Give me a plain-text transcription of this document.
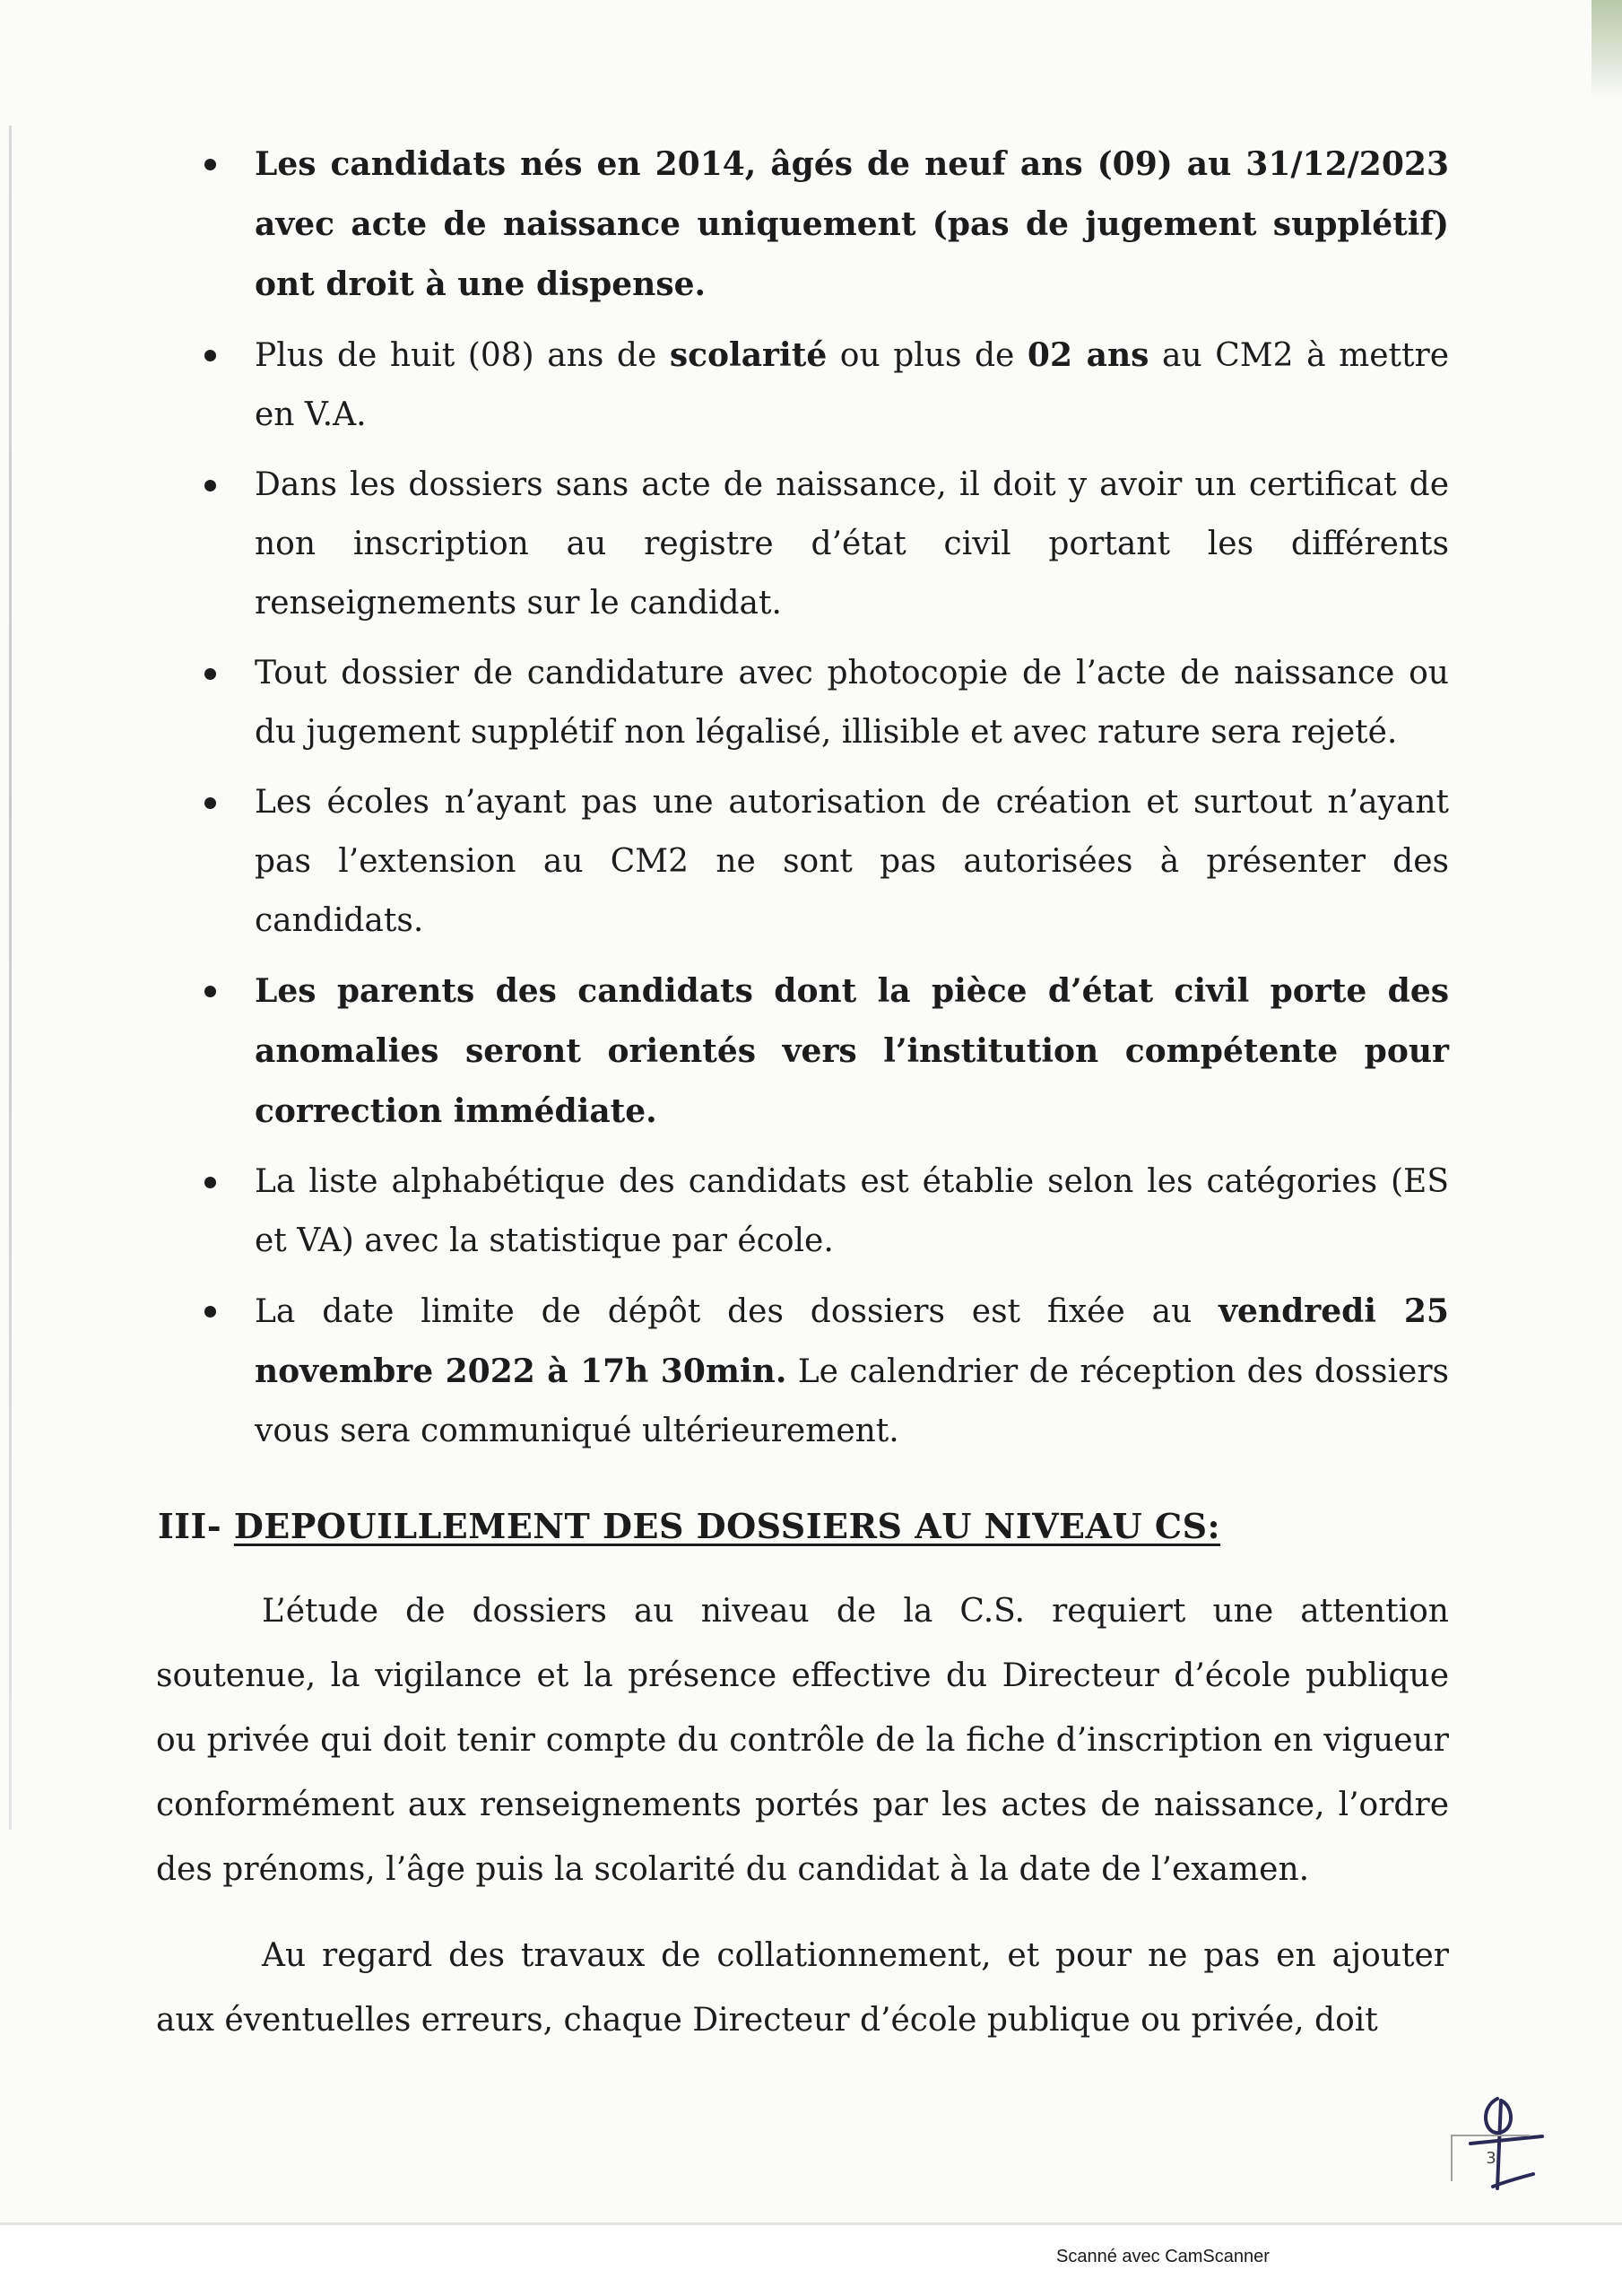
Les candidats nés en 2014, âgés de neuf ans (09) au 31/12/2023 avec acte de naissance uniquement (pas de jugement supplétif) ont droit à une dispense.
Plus de huit (08) ans de scolarité ou plus de 02 ans au CM2 à mettre en V.A.
Dans les dossiers sans acte de naissance, il doit y avoir un certificat de non inscription au registre d’état civil portant les différents renseignements sur le candidat.
Tout dossier de candidature avec photocopie de l’acte de naissance ou du jugement supplétif non légalisé, illisible et avec rature sera rejeté.
Les écoles n’ayant pas une autorisation de création et surtout n’ayant pas l’extension au CM2 ne sont pas autorisées à présenter des candidats.
Les parents des candidats dont la pièce d’état civil porte des anomalies seront orientés vers l’institution compétente pour correction immédiate.
La liste alphabétique des candidats est établie selon les catégories (ES et VA) avec la statistique par école.
La date limite de dépôt des dossiers est fixée au vendredi 25 novembre 2022 à 17h 30min. Le calendrier de réception des dossiers vous sera communiqué ultérieurement.
III- DEPOUILLEMENT DES DOSSIERS AU NIVEAU CS:

L’étude de dossiers au niveau de la C.S. requiert une attention soutenue, la vigilance et la présence effective du Directeur d’école publique ou privée qui doit tenir compte du contrôle de la fiche d’inscription en vigueur conformément aux renseignements portés par les actes de naissance, l’ordre des prénoms, l’âge puis la scolarité du candidat à la date de l’examen.

Au regard des travaux de collationnement, et pour ne pas en ajouter aux éventuelles erreurs, chaque Directeur d’école publique ou privée, doit

3
Scanné avec CamScanner
